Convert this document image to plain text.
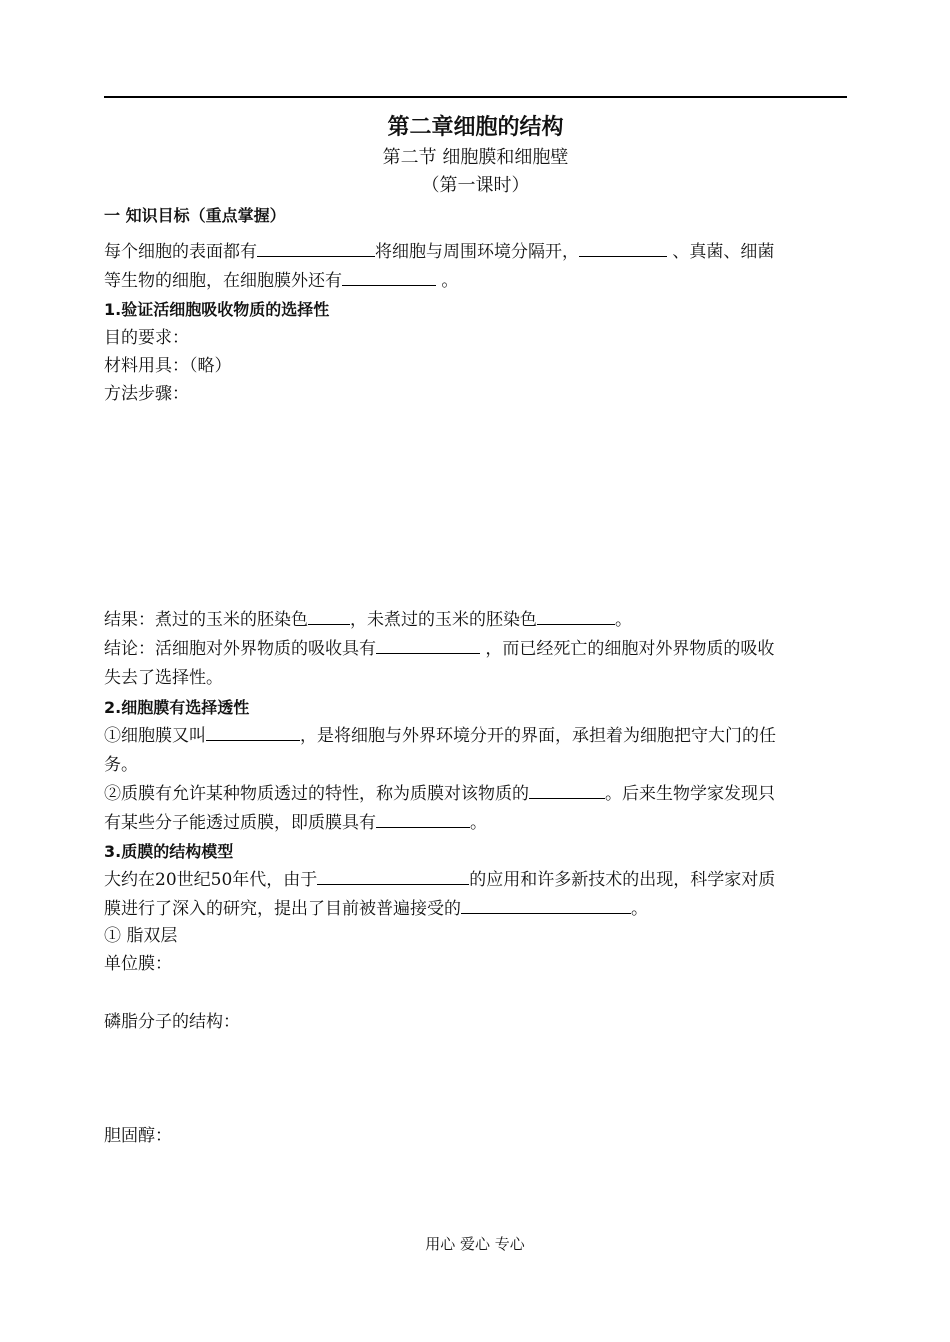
第二章细胞的结构
第二节 细胞膜和细胞壁
（第一课时）
一 知识目标（重点掌握）
每个细胞的表面都有	将细胞与周围环境分隔开，	、真菌、细菌
等生物的细胞，在细胞膜外还有	。
1.验证活细胞吸收物质的选择性
目的要求：
材料用具：（略）
方法步骤：
结果：煮过的玉米的胚染色 ，未煮过的玉米的胚染色	。
结论：活细胞对外界物质的吸收具有	，而已经死亡的细胞对外界物质的吸收
失去了选择性。
2.细胞膜有选择透性
①细胞膜又叫	，是将细胞与外界环境分开的界面，承担着为细胞把守大门的任
务。
②质膜有允许某种物质透过的特性，称为质膜对该物质的	。后来生物学家发现只
有某些分子能透过质膜，即质膜具有	。
3.质膜的结构模型
大约在20世纪50年代，由于	的应用和许多新技术的出现，科学家对质
膜进行了深入的研究，提出了目前被普遍接受的	。
① 脂双层
单位膜：
磷脂分子的结构：
胆固醇：
用心 爱心 专心
